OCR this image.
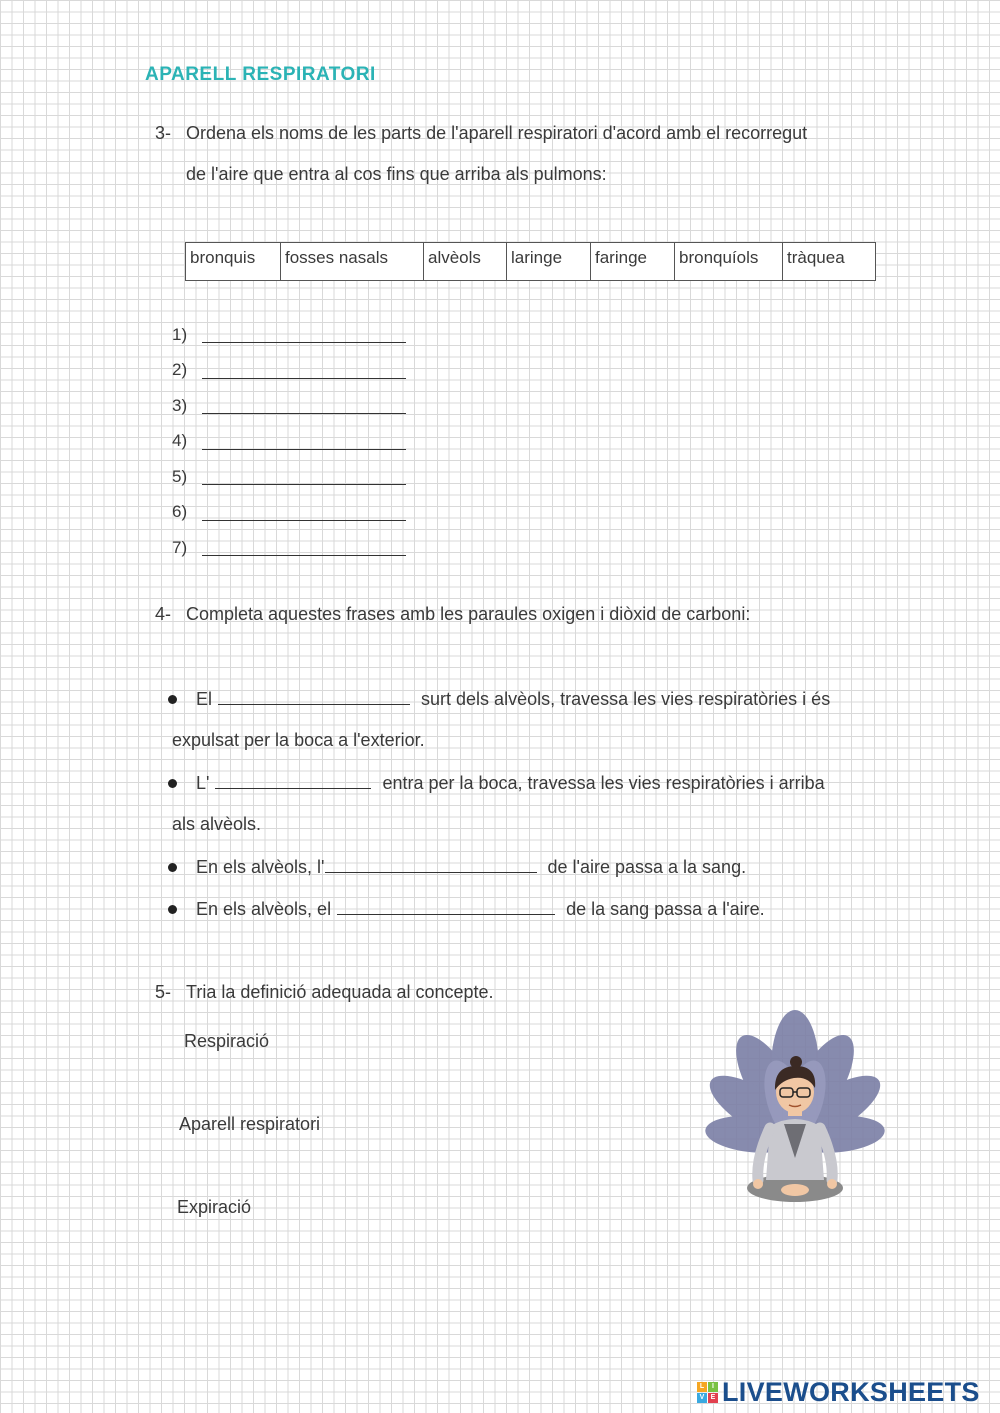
APARELL RESPIRATORI
3- Ordena els noms de les parts de l'aparell respiratori d'acord amb el recorregut
de l'aire que entra al cos fins que arriba als pulmons:
bronquis	fosses nasals	alvèols	laringe	faringe	bronquíols	tràquea
1)
2)
3)
4)
5)
6)
7)
4- Completa aquestes frases amb les paraules oxigen i diòxid de carboni:
El	surt dels alvèols, travessa les vies respiratòries i és
expulsat per la boca a l'exterior.
L'	entra per la boca, travessa les vies respiratòries i arriba
als alvèols.
En els alvèols, l'	de l'aire passa a la sang.
En els alvèols, el	de la sang passa a l'aire.
5- Tria la definició adequada al concepte.
Respiració
Aparell respiratori
Expiració
L	I
V E LIVEWORKSHEETS
